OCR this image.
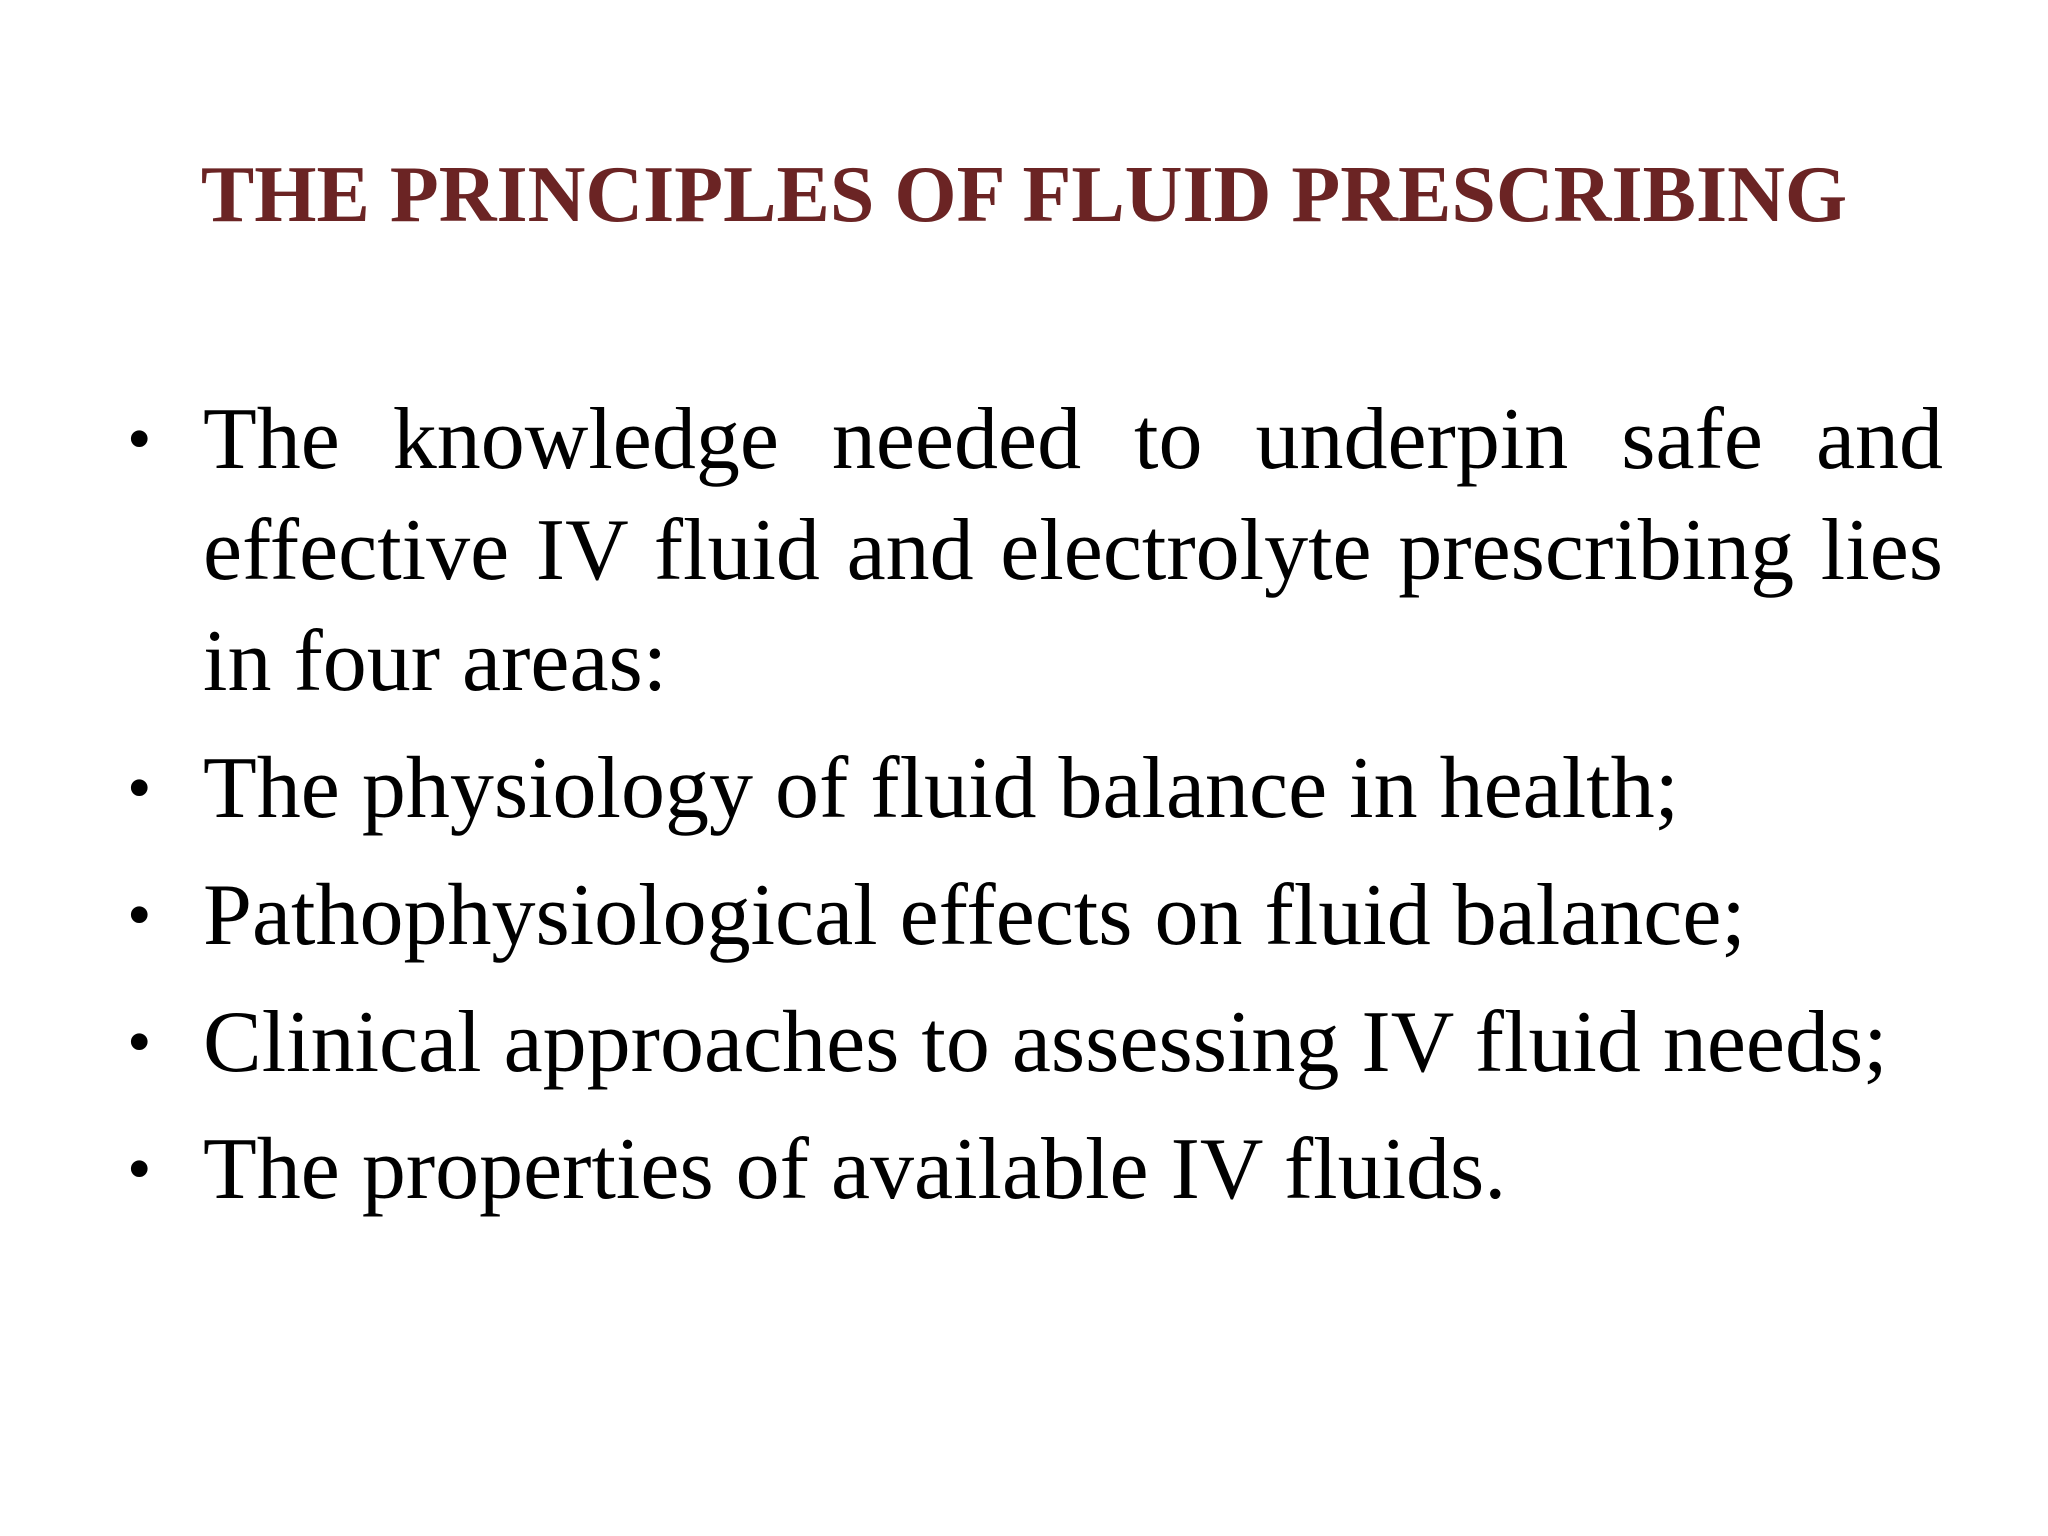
THE PRINCIPLES OF FLUID PRESCRIBING
• The knowledge needed to underpin safe and effective IV fluid and electrolyte prescribing lies in four areas:
• The physiology of fluid balance in health;
• Pathophysiological effects on fluid balance;
• Clinical approaches to assessing IV fluid needs;
• The properties of available IV fluids.
